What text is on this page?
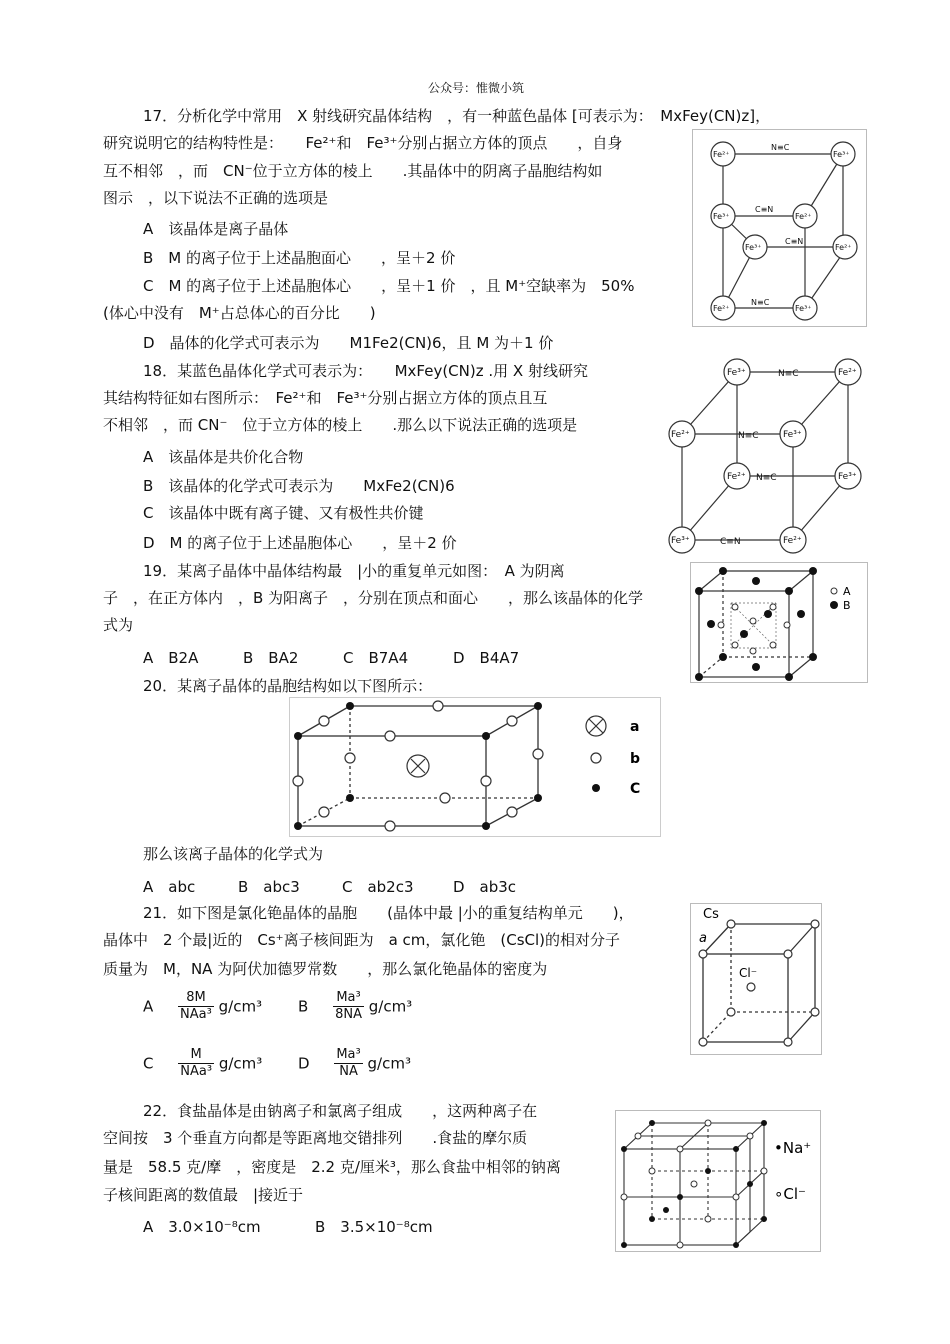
公众号：惟微小筑
17．分析化学中常用　X 射线研究晶体结构　，有一种蓝色晶体 [可表示为：　MxFey(CN)z]，
研究说明它的结构特性是：　　Fe²⁺和　Fe³⁺分别占据立方体的顶点　　，自身
互不相邻　，而　CN⁻位于立方体的棱上　　.其晶体中的阴离子晶胞结构如
图示　，以下说法不正确的选项是
A　该晶体是离子晶体
B　M 的离子位于上述晶胞面心　　，呈＋2 价
C　M 的离子位于上述晶胞体心　　，呈＋1 价　，且 M⁺空缺率为　50%
(体心中没有　M⁺占总体心的百分比　　)
D　晶体的化学式可表示为　　M1Fe2(CN)6，且 M 为＋1 价
Fe²⁺	Fe³⁺
Fe³⁺	Fe²⁺
Fe³⁺	Fe²⁺
Fe²⁺	Fe³⁺
N≡C
C≡N
N≡C
C≡N
18．某蓝色晶体化学式可表示为：　　MxFey(CN)z .用 X 射线研究
其结构特征如右图所示：　Fe²⁺和　Fe³⁺分别占据立方体的顶点且互
不相邻　，而 CN⁻　位于立方体的棱上　　.那么以下说法正确的选项是
A　该晶体是共价化合物
B　该晶体的化学式可表示为　　MxFe2(CN)6
C　该晶体中既有离子键、又有极性共价键
D　M 的离子位于上述晶胞体心　　，呈＋2 价
Fe³⁺	Fe²⁺
Fe²⁺	Fe³⁺
Fe²⁺	Fe³⁺
Fe³⁺	Fe²⁺
N≡C
N≡C
N≡C
C≡N
19．某离子晶体中晶体结构最　|小的重复单元如图：　A 为阴离
子　，在正方体内　，B 为阳离子　，分别在顶点和面心　　，那么该晶体的化学
式为
A　B2A	B　BA2	C　B7A4	D　B4A7
A
B
20．某离子晶体的晶胞结构如以下图所示：
a
b
C
那么该离子晶体的化学式为
A　abc	B　abc3	C　ab2c3	D　ab3c
21．如下图是氯化铯晶体的晶胞　　(晶体中最 |小的重复结构单元　　)，
晶体中　2 个最|近的　Cs⁺离子核间距为　a cm，氯化铯　(CsCl)的相对分子
质量为　M，NA 为阿伏加德罗常数　　，那么氯化铯晶体的密度为
A $\frac{8M}{\text{NAa³}} g/cm^3$ B $\frac{\text{Ma³}}{8NA} g/cm^3$
C $\frac{M}{\text{NAa³}} g/cm^3$ D $\frac{\text{Ma³}}{NA} g/cm^3$
Cs
a
Cl⁻
22．食盐晶体是由钠离子和氯离子组成　　，这两种离子在
空间按　3 个垂直方向都是等距离地交错排列　　.食盐的摩尔质
量是　58.5 克/摩　，密度是　2.2 克/厘米³，那么食盐中相邻的钠离
子核间距离的数值最　|接近于
A　3.0×10⁻⁸cm	B　3.5×10⁻⁸cm
•Na⁺
∘Cl⁻
